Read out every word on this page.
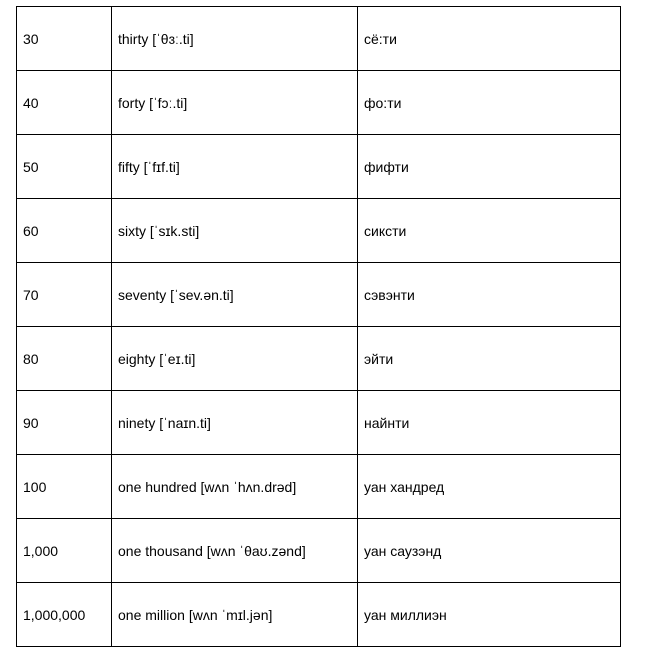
30	thirty [ˈθɜː.ti]	сё:ти
40	forty [ˈfɔː.ti]	фо:ти
50	fifty [ˈfɪf.ti]	фифти
60	sixty [ˈsɪk.sti]	сиксти
70	seventy [ˈsev.ən.ti]	сэвэнти
80	eighty [ˈeɪ.ti]	эйти
90	ninety [ˈnaɪn.ti]	найнти
100	one hundred [wʌn ˈhʌn.drəd]	уан хандред
1,000	one thousand [wʌn ˈθaʊ.zənd]	уан саузэнд
1,000,000	one million [wʌn ˈmɪl.jən]	уан миллиэн
